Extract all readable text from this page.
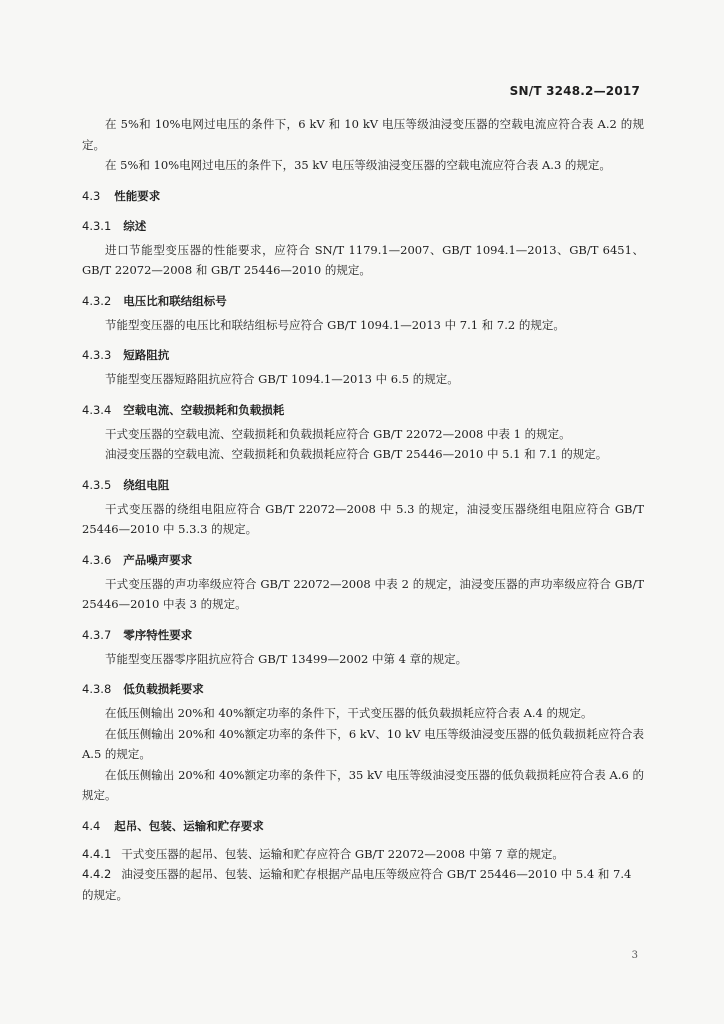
SN/T 3248.2—2017

在 5%和 10%电网过电压的条件下，6 kV 和 10 kV 电压等级油浸变压器的空载电流应符合表 A.2 的规定。

在 5%和 10%电网过电压的条件下，35 kV 电压等级油浸变压器的空载电流应符合表 A.3 的规定。

4.3 性能要求
4.3.1 综述

进口节能型变压器的性能要求，应符合 SN/T 1179.1—2007、GB/T 1094.1—2013、GB/T 6451、GB/T 22072—2008 和 GB/T 25446—2010 的规定。

4.3.2 电压比和联结组标号

节能型变压器的电压比和联结组标号应符合 GB/T 1094.1—2013 中 7.1 和 7.2 的规定。

4.3.3 短路阻抗

节能型变压器短路阻抗应符合 GB/T 1094.1—2013 中 6.5 的规定。

4.3.4 空载电流、空载损耗和负载损耗

干式变压器的空载电流、空载损耗和负载损耗应符合 GB/T 22072—2008 中表 1 的规定。

油浸变压器的空载电流、空载损耗和负载损耗应符合 GB/T 25446—2010 中 5.1 和 7.1 的规定。

4.3.5 绕组电阻

干式变压器的绕组电阻应符合 GB/T 22072—2008 中 5.3 的规定，油浸变压器绕组电阻应符合 GB/T 25446—2010 中 5.3.3 的规定。

4.3.6 产品噪声要求

干式变压器的声功率级应符合 GB/T 22072—2008 中表 2 的规定，油浸变压器的声功率级应符合 GB/T 25446—2010 中表 3 的规定。

4.3.7 零序特性要求

节能型变压器零序阻抗应符合 GB/T 13499—2002 中第 4 章的规定。

4.3.8 低负载损耗要求

在低压侧输出 20%和 40%额定功率的条件下，干式变压器的低负载损耗应符合表 A.4 的规定。

在低压侧输出 20%和 40%额定功率的条件下，6 kV、10 kV 电压等级油浸变压器的低负载损耗应符合表 A.5 的规定。

在低压侧输出 20%和 40%额定功率的条件下，35 kV 电压等级油浸变压器的低负载损耗应符合表 A.6 的规定。

4.4 起吊、包装、运输和贮存要求

4.4.1 干式变压器的起吊、包装、运输和贮存应符合 GB/T 22072—2008 中第 7 章的规定。

4.4.2 油浸变压器的起吊、包装、运输和贮存根据产品电压等级应符合 GB/T 25446—2010 中 5.4 和 7.4 的规定。

3
